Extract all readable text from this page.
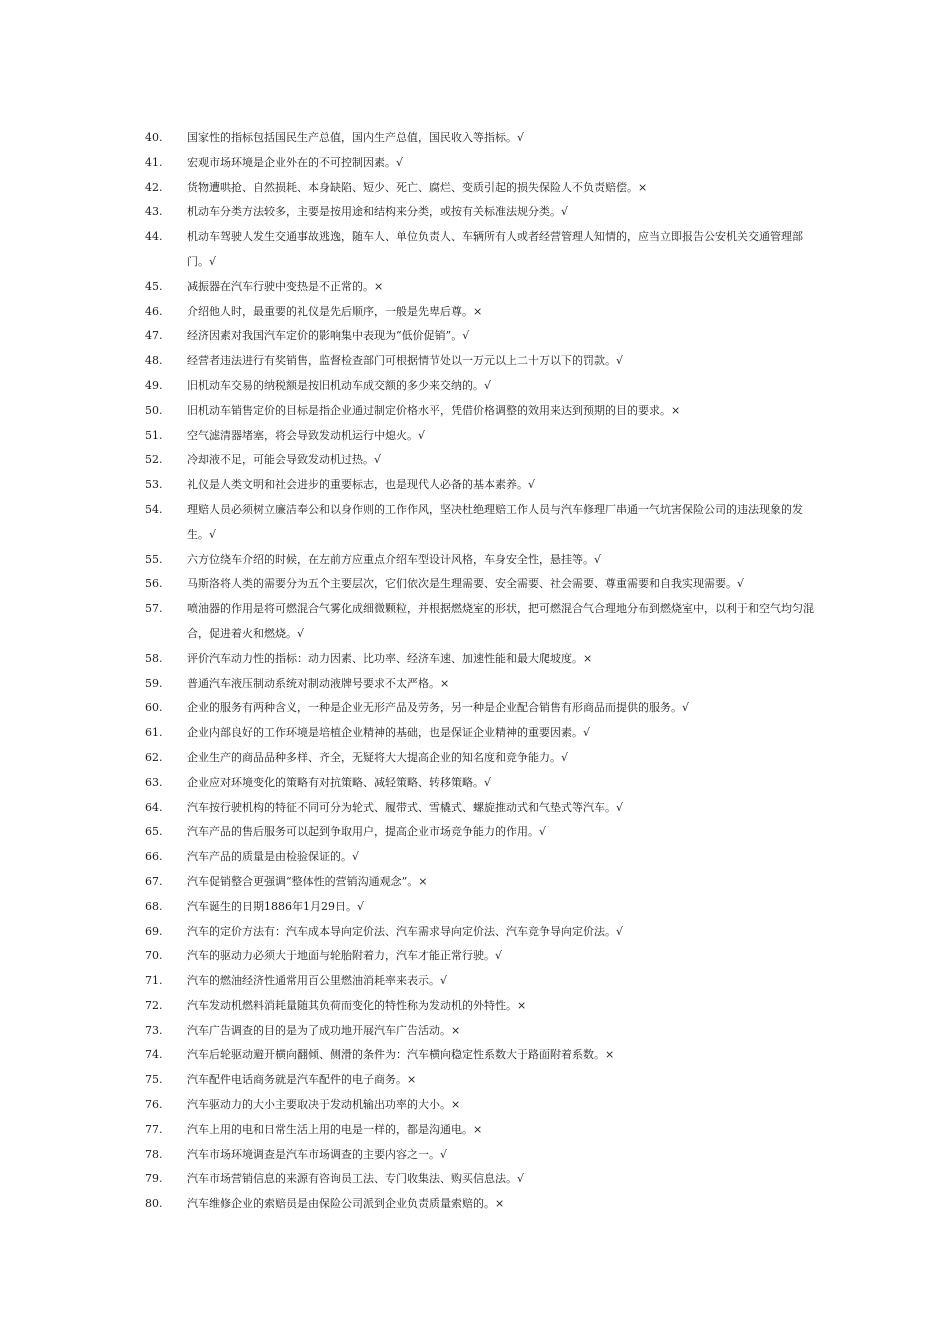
40.	国家性的指标包括国民生产总值，国内生产总值，国民收入等指标。√
41.	宏观市场环境是企业外在的不可控制因素。√
42.	货物遭哄抢、自然损耗、本身缺陷、短少、死亡、腐烂、变质引起的损失保险人不负责赔偿。×
43.	机动车分类方法较多，主要是按用途和结构来分类，或按有关标准法规分类。√
44.	机动车驾驶人发生交通事故逃逸，随车人、单位负责人、车辆所有人或者经营管理人知情的，应当立即报告公安机关交通管理部门。√
45.	减振器在汽车行驶中变热是不正常的。×
46.	介绍他人时，最重要的礼仪是先后顺序，一般是先卑后尊。×
47.	经济因素对我国汽车定价的影响集中表现为“低价促销”。√
48.	经营者违法进行有奖销售，监督检查部门可根据情节处以一万元以上二十万以下的罚款。√
49.	旧机动车交易的纳税额是按旧机动车成交额的多少来交纳的。√
50.	旧机动车销售定价的目标是指企业通过制定价格水平，凭借价格调整的效用来达到预期的目的要求。×
51.	空气滤清器堵塞，将会导致发动机运行中熄火。√
52.	冷却液不足，可能会导致发动机过热。√
53.	礼仪是人类文明和社会进步的重要标志，也是现代人必备的基本素养。√
54.	理赔人员必须树立廉洁奉公和以身作则的工作作风，坚决杜绝理赔工作人员与汽车修理厂串通一气坑害保险公司的违法现象的发生。√
55.	六方位绕车介绍的时候，在左前方应重点介绍车型设计风格，车身安全性，悬挂等。√
56.	马斯洛将人类的需要分为五个主要层次，它们依次是生理需要、安全需要、社会需要、尊重需要和自我实现需要。√
57.	喷油器的作用是将可燃混合气雾化成细微颗粒，并根据燃烧室的形状，把可燃混合气合理地分布到燃烧室中，以利于和空气均匀混合，促进着火和燃烧。√
58.	评价汽车动力性的指标：动力因素、比功率、经济车速、加速性能和最大爬坡度。×
59.	普通汽车液压制动系统对制动液牌号要求不太严格。×
60.	企业的服务有两种含义，一种是企业无形产品及劳务，另一种是企业配合销售有形商品而提供的服务。√
61.	企业内部良好的工作环境是培植企业精神的基础，也是保证企业精神的重要因素。√
62.	企业生产的商品品种多样、齐全，无疑将大大提高企业的知名度和竞争能力。√
63.	企业应对环境变化的策略有对抗策略、减轻策略、转移策略。√
64.	汽车按行驶机构的特征不同可分为轮式、履带式、雪橇式、螺旋推动式和气垫式等汽车。√
65.	汽车产品的售后服务可以起到争取用户，提高企业市场竞争能力的作用。√
66.	汽车产品的质量是由检验保证的。√
67.	汽车促销整合更强调“整体性的营销沟通观念”。×
68.	汽车诞生的日期1886年1月29日。√
69.	汽车的定价方法有：汽车成本导向定价法、汽车需求导向定价法、汽车竞争导向定价法。√
70.	汽车的驱动力必须大于地面与轮胎附着力，汽车才能正常行驶。√
71.	汽车的燃油经济性通常用百公里燃油消耗率来表示。√
72.	汽车发动机燃料消耗量随其负荷而变化的特性称为发动机的外特性。×
73.	汽车广告调查的目的是为了成功地开展汽车广告活动。×
74.	汽车后轮驱动避开横向翻倾、侧滑的条件为：汽车横向稳定性系数大于路面附着系数。×
75.	汽车配件电话商务就是汽车配件的电子商务。×
76.	汽车驱动力的大小主要取决于发动机输出功率的大小。×
77.	汽车上用的电和日常生活上用的电是一样的，都是沟通电。×
78.	汽车市场环境调查是汽车市场调查的主要内容之一。√
79.	汽车市场营销信息的来源有咨询员工法、专门收集法、购买信息法。√
80.	汽车维修企业的索赔员是由保险公司派到企业负责质量索赔的。×
